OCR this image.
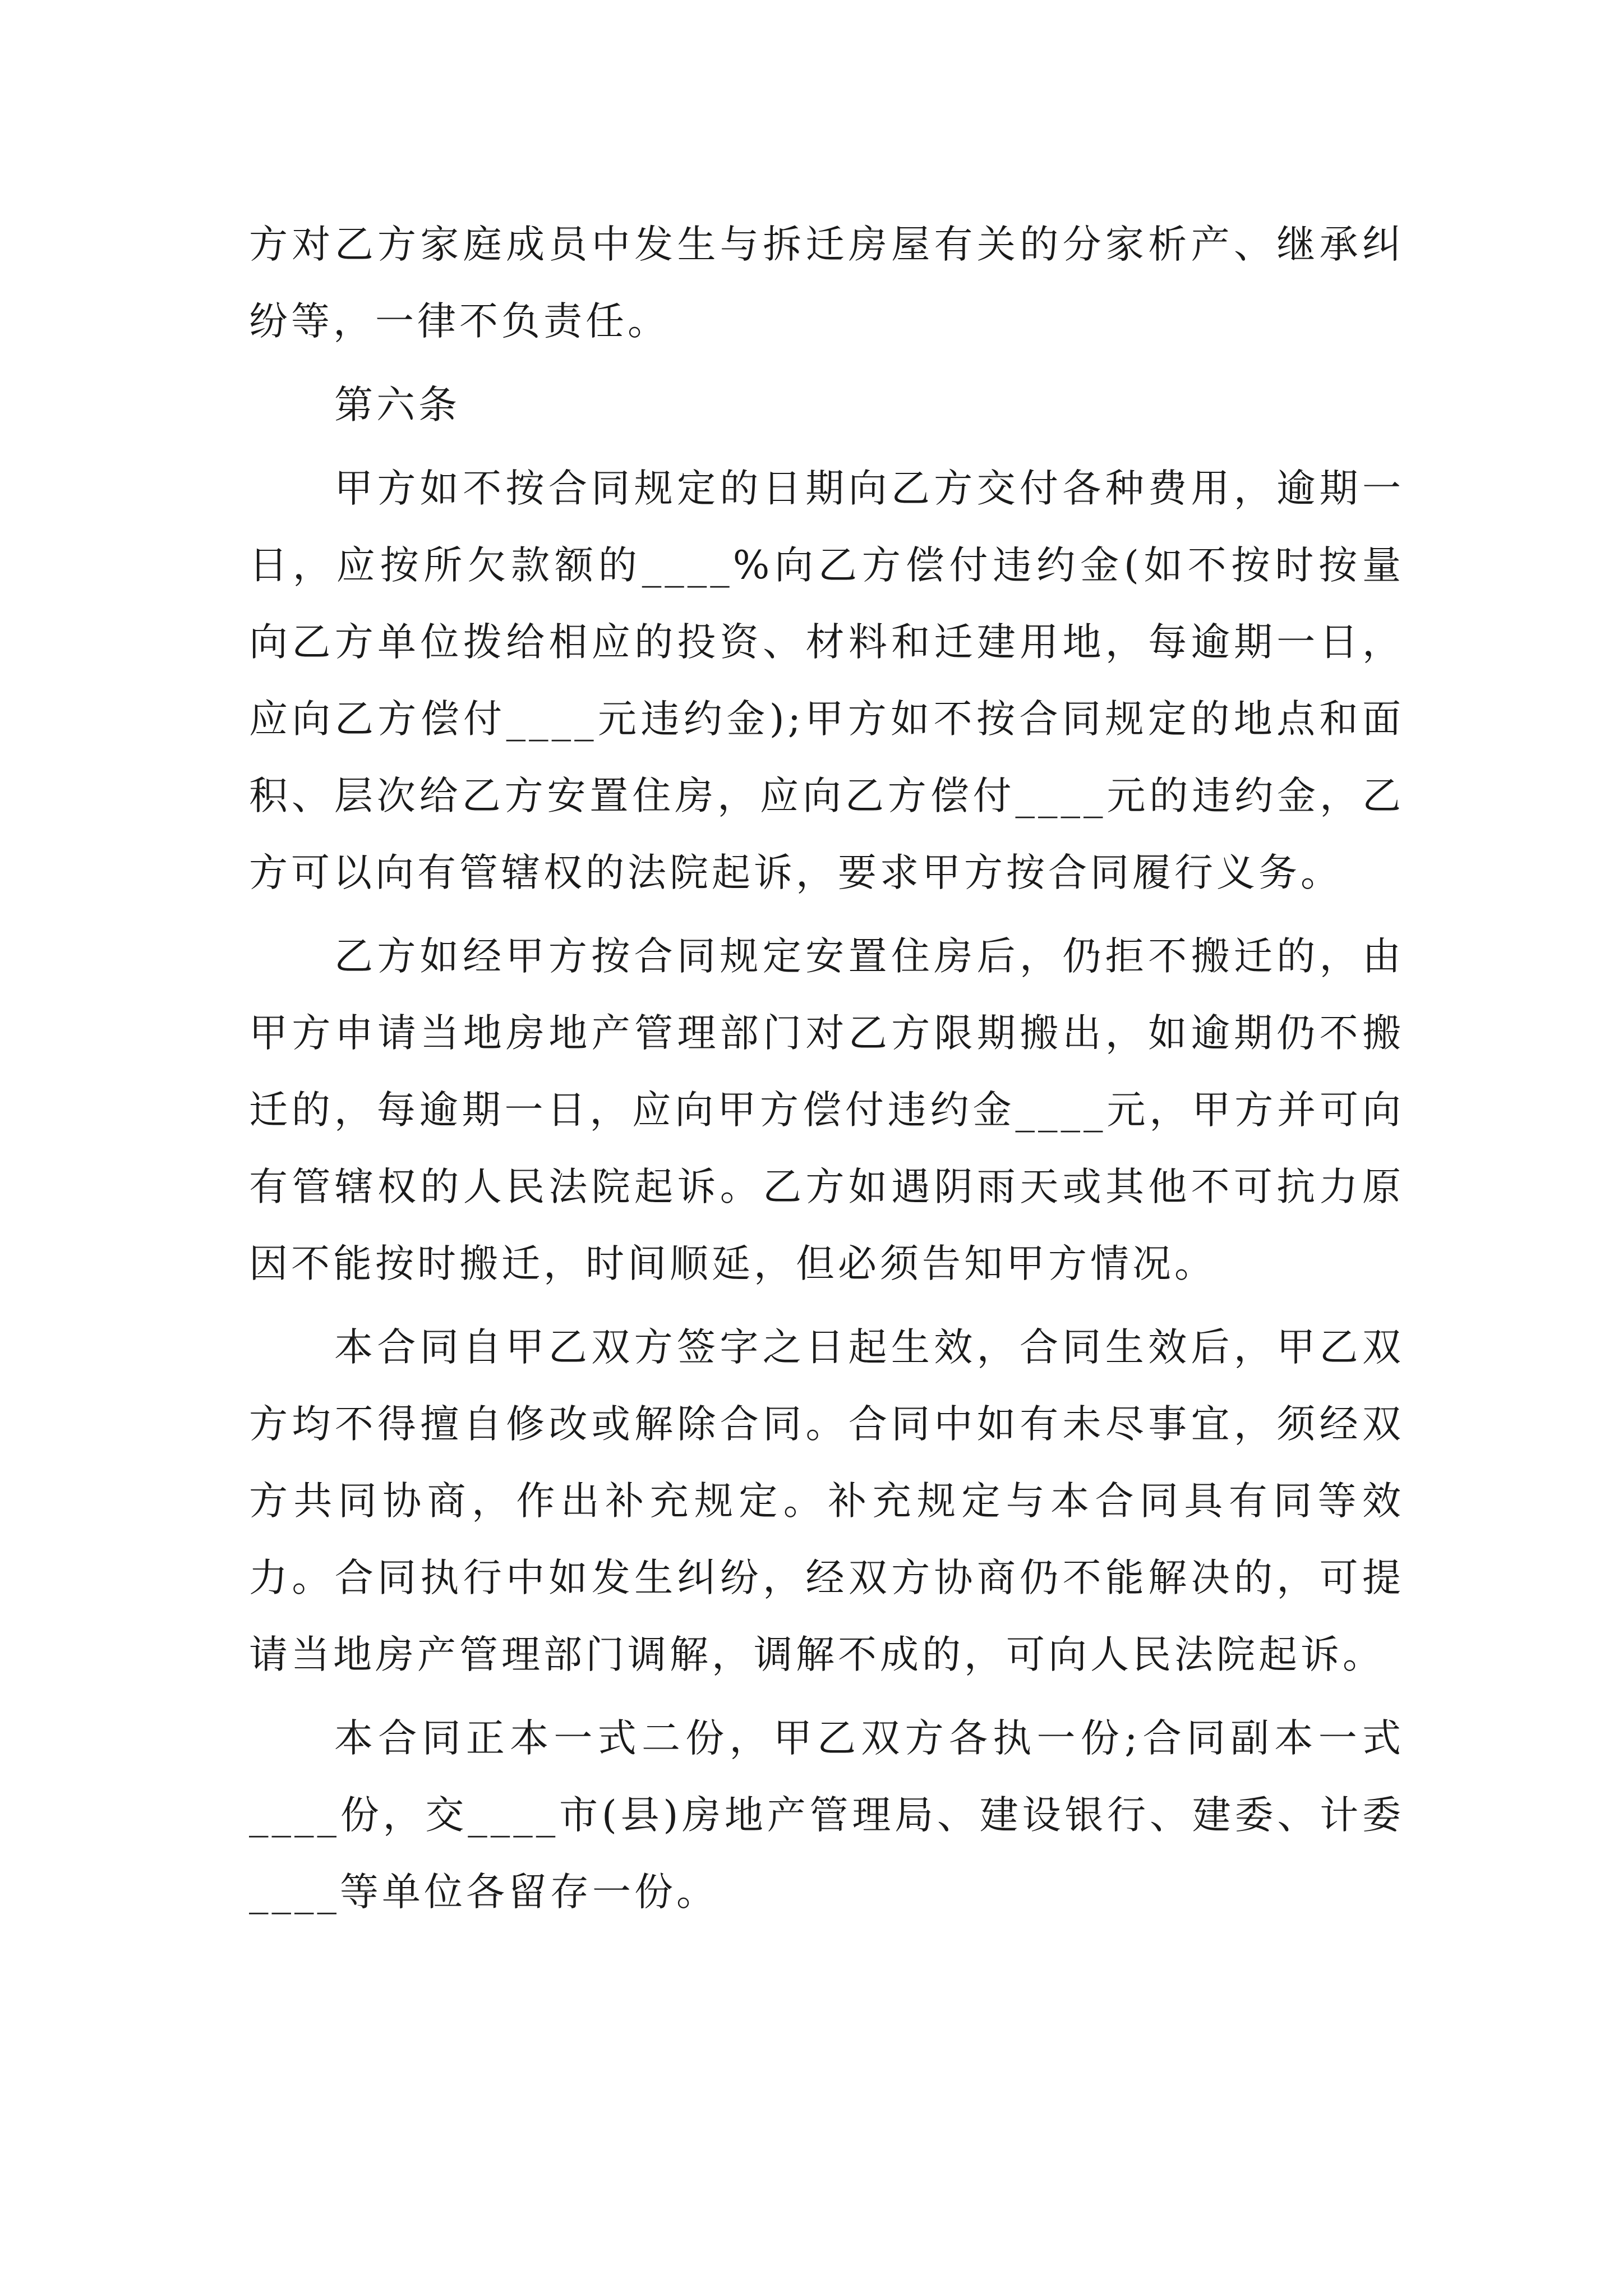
方对乙方家庭成员中发生与拆迁房屋有关的分家析产、继承纠纷等，一律不负责任。

第六条

甲方如不按合同规定的日期向乙方交付各种费用，逾期一日，应按所欠款额的____%向乙方偿付违约金(如不按时按量向乙方单位拨给相应的投资、材料和迁建用地，每逾期一日，应向乙方偿付____元违约金);甲方如不按合同规定的地点和面积、层次给乙方安置住房，应向乙方偿付____元的违约金，乙方可以向有管辖权的法院起诉，要求甲方按合同履行义务。

乙方如经甲方按合同规定安置住房后，仍拒不搬迁的，由甲方申请当地房地产管理部门对乙方限期搬出，如逾期仍不搬迁的，每逾期一日，应向甲方偿付违约金____元，甲方并可向有管辖权的人民法院起诉。乙方如遇阴雨天或其他不可抗力原因不能按时搬迁，时间顺延，但必须告知甲方情况。

本合同自甲乙双方签字之日起生效，合同生效后，甲乙双方均不得擅自修改或解除合同。合同中如有未尽事宜，须经双方共同协商，作出补充规定。补充规定与本合同具有同等效力。合同执行中如发生纠纷，经双方协商仍不能解决的，可提请当地房产管理部门调解，调解不成的，可向人民法院起诉。

本合同正本一式二份，甲乙双方各执一份;合同副本一式____份，交____市(县)房地产管理局、建设银行、建委、计委____等单位各留存一份。
